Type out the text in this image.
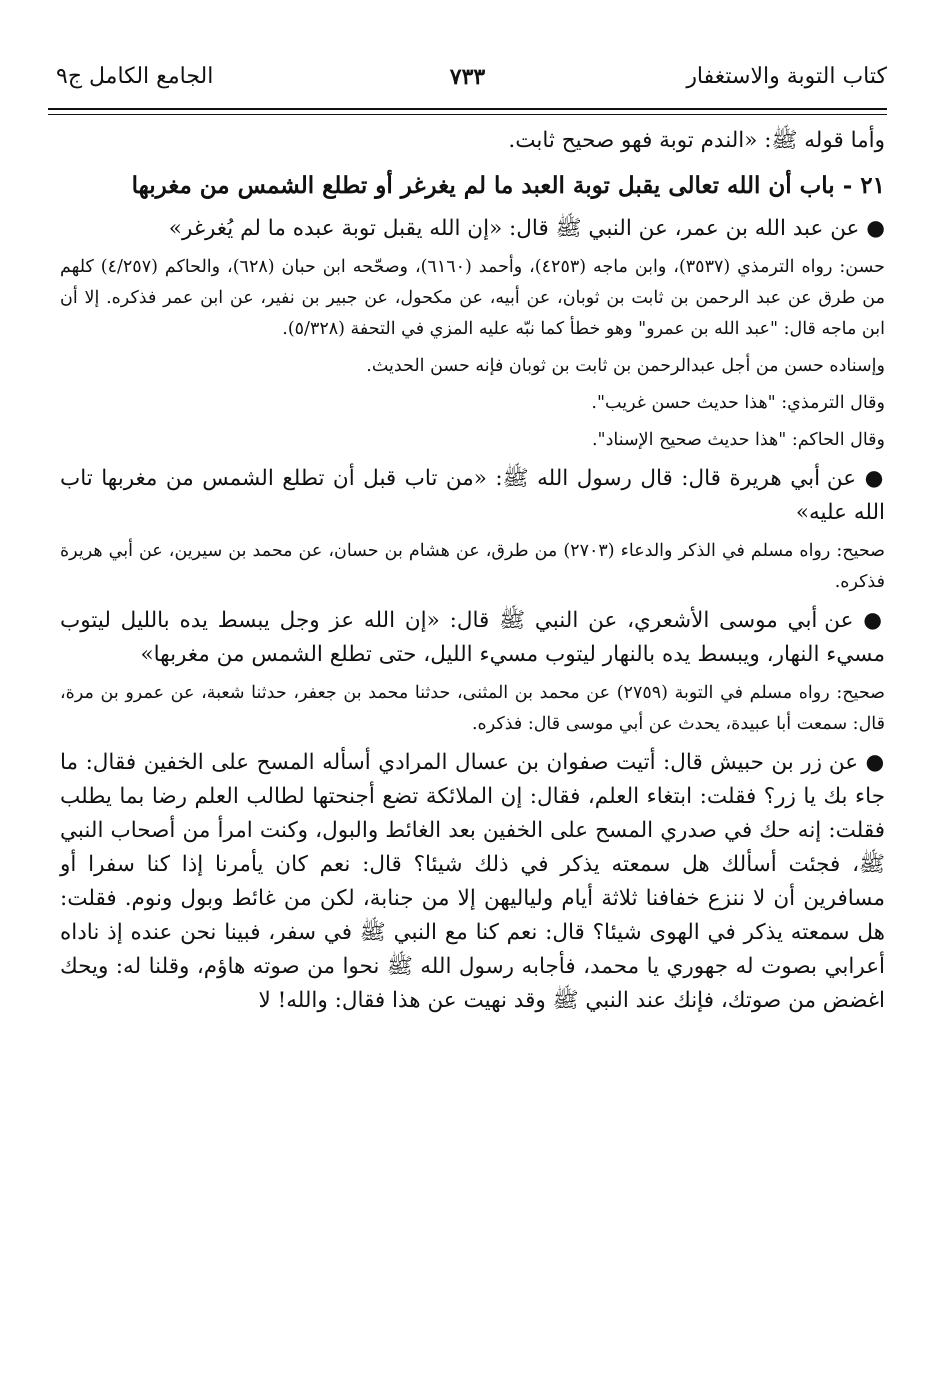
كتاب التوبة والاستغفار
٧٣٣
الجامع الكامل ج٩

وأما قوله ﷺ: «الندم توبة فهو صحيح ثابت.

٢١ - باب أن الله تعالى يقبل توبة العبد ما لم يغرغر أو تطلع الشمس من مغربها

● عن عبد الله بن عمر، عن النبي ﷺ قال: «إن الله يقبل توبة عبده ما لم يُغرغر»

حسن: رواه الترمذي (٣٥٣٧)، وابن ماجه (٤٢٥٣)، وأحمد (٦١٦٠)، وصحّحه ابن حبان (٦٢٨)، والحاكم (٤/٢٥٧) كلهم من طرق عن عبد الرحمن بن ثابت بن ثوبان، عن أبيه، عن مكحول، عن جبير بن نفير، عن ابن عمر فذكره. إلا أن ابن ماجه قال: "عبد الله بن عمرو" وهو خطأ كما نبّه عليه المزي في التحفة (٥/٣٢٨).

وإسناده حسن من أجل عبدالرحمن بن ثابت بن ثوبان فإنه حسن الحديث.

وقال الترمذي: "هذا حديث حسن غريب".

وقال الحاكم: "هذا حديث صحيح الإسناد".

● عن أبي هريرة قال: قال رسول الله ﷺ: «من تاب قبل أن تطلع الشمس من مغربها تاب الله عليه»

صحيح: رواه مسلم في الذكر والدعاء (٢٧٠٣) من طرق، عن هشام بن حسان، عن محمد بن سيرين، عن أبي هريرة فذكره.

● عن أبي موسى الأشعري، عن النبي ﷺ قال: «إن الله عز وجل يبسط يده بالليل ليتوب مسيء النهار، ويبسط يده بالنهار ليتوب مسيء الليل، حتى تطلع الشمس من مغربها»

صحيح: رواه مسلم في التوبة (٢٧٥٩) عن محمد بن المثنى، حدثنا محمد بن جعفر، حدثنا شعبة، عن عمرو بن مرة، قال: سمعت أبا عبيدة، يحدث عن أبي موسى قال: فذكره.

● عن زر بن حبيش قال: أتيت صفوان بن عسال المرادي أسأله المسح على الخفين فقال: ما جاء بك يا زر؟ فقلت: ابتغاء العلم، فقال: إن الملائكة تضع أجنحتها لطالب العلم رضا بما يطلب فقلت: إنه حك في صدري المسح على الخفين بعد الغائط والبول، وكنت امرأ من أصحاب النبي ﷺ، فجئت أسألك هل سمعته يذكر في ذلك شيئا؟ قال: نعم كان يأمرنا إذا كنا سفرا أو مسافرين أن لا ننزع خفافنا ثلاثة أيام ولياليهن إلا من جنابة، لكن من غائط وبول ونوم. فقلت: هل سمعته يذكر في الهوى شيئا؟ قال: نعم كنا مع النبي ﷺ في سفر، فبينا نحن عنده إذ ناداه أعرابي بصوت له جهوري يا محمد، فأجابه رسول الله ﷺ نحوا من صوته هاؤم، وقلنا له: ويحك اغضض من صوتك، فإنك عند النبي ﷺ وقد نهيت عن هذا فقال: والله! لا
